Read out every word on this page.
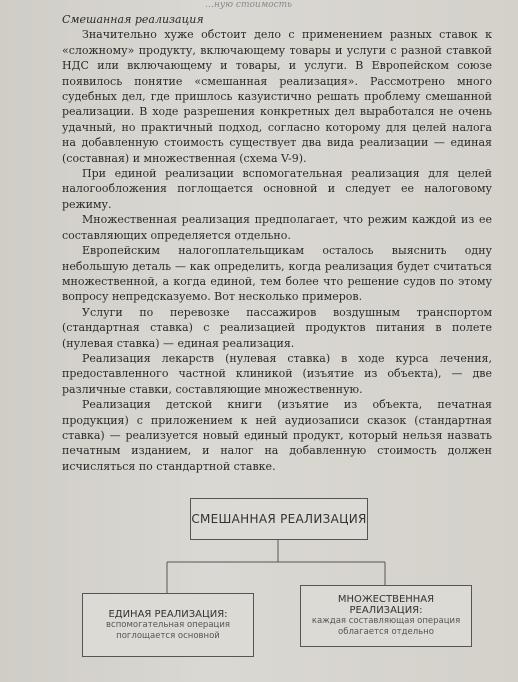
…ную стоимость

Смешанная реализация

Значительно хуже обстоит дело с применением разных ставок к «сложному» продукту, включающему товары и услуги с разной ставкой НДС или включающему и товары, и услуги. В Европейском союзе появилось понятие «смешанная реализация». Рассмотрено много судебных дел, где пришлось казуистично решать проблему смешанной реализации. В ходе разрешения конкретных дел выработался не очень удачный, но практичный подход, согласно которому для целей налога на добавленную стоимость существует два вида реализации — единая (составная) и множественная (схема V-9).

При единой реализации вспомогательная реализация для целей налогообложения поглощается основной и следует ее налоговому режиму.

Множественная реализация предполагает, что режим каждой из ее составляющих определяется отдельно.

Европейским налогоплательщикам осталось выяснить одну небольшую деталь — как определить, когда реализация будет считаться множественной, а когда единой, тем более что решение судов по этому вопросу непредсказуемо. Вот несколько примеров.

Услуги по перевозке пассажиров воздушным транспортом (стандартная ставка) с реализацией продуктов питания в полете (нулевая ставка) — единая реализация.

Реализация лекарств (нулевая ставка) в ходе курса лечения, предоставленного частной клиникой (изъятие из объекта), — две различные ставки, составляющие множественную.

Реализация детской книги (изъятие из объекта, печатная продукция) с приложением к ней аудиозаписи сказок (стандартная ставка) — реализуется новый единый продукт, который нельзя назвать печатным изданием, и налог на добавленную стоимость должен исчисляться по стандартной ставке.

СМЕШАННАЯ РЕАЛИЗАЦИЯ
ЕДИНАЯ РЕАЛИЗАЦИЯ:
вспомогательная операция поглощается основной
МНОЖЕСТВЕННАЯ РЕАЛИЗАЦИЯ:
каждая составляющая операция облагается отдельно
